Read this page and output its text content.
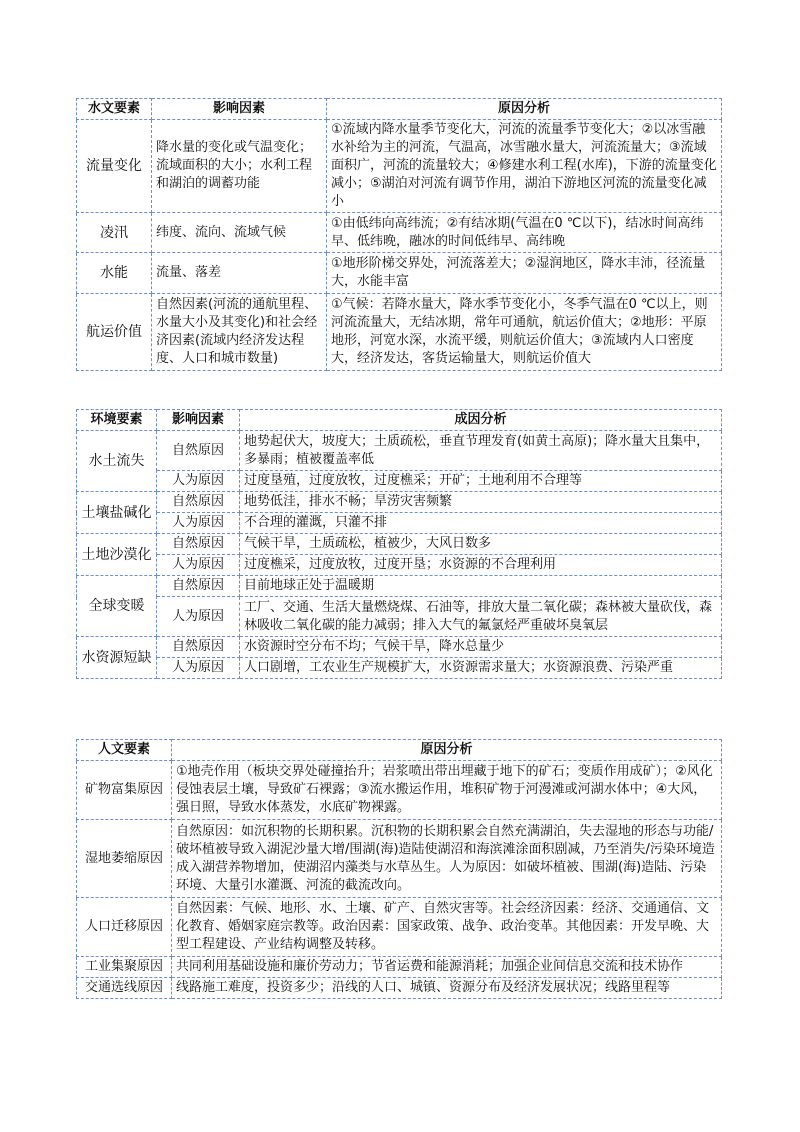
水文要素	影响因素	原因分析
流量变化	降水量的变化或气温变化；流域面积的大小；水利工程和湖泊的调蓄功能	①流域内降水量季节变化大，河流的流量季节变化大；②以冰雪融水补给为主的河流，气温高，冰雪融水量大，河流流量大；③流域面积广，河流的流量较大；④修建水利工程(水库)，下游的流量变化减小；⑤湖泊对河流有调节作用，湖泊下游地区河流的流量变化减小
凌汛	纬度、流向、流域气候	①由低纬向高纬流；②有结冰期(气温在0 ℃以下)，结冰时间高纬早、低纬晚，融冰的时间低纬早、高纬晚
水能	流量、落差	①地形阶梯交界处，河流落差大；②湿润地区，降水丰沛，径流量大，水能丰富
航运价值	自然因素(河流的通航里程、水量大小及其变化)和社会经济因素(流域内经济发达程度、人口和城市数量)	①气候：若降水量大，降水季节变化小，冬季气温在0 ℃以上，则河流流量大，无结冰期，常年可通航，航运价值大；②地形：平原地形，河宽水深，水流平缓，则航运价值大；③流域内人口密度大，经济发达，客货运输量大，则航运价值大
环境要素	影响因素	成因分析
水土流失	自然原因	地势起伏大，坡度大；土质疏松，垂直节理发育(如黄土高原)；降水量大且集中，多暴雨；植被覆盖率低
	人为原因	过度垦殖，过度放牧，过度樵采；开矿；土地利用不合理等
土壤盐碱化	自然原因	地势低洼，排水不畅；旱涝灾害频繁
	人为原因	不合理的灌溉，只灌不排
土地沙漠化	自然原因	气候干旱，土质疏松，植被少，大风日数多
	人为原因	过度樵采，过度放牧，过度开垦；水资源的不合理利用
全球变暖	自然原因	目前地球正处于温暖期
	人为原因	工厂、交通、生活大量燃烧煤、石油等，排放大量二氧化碳；森林被大量砍伐，森林吸收二氧化碳的能力减弱；排入大气的氟氯烃严重破坏臭氧层
水资源短缺	自然原因	水资源时空分布不均；气候干旱，降水总量少
	人为原因	人口剧增，工农业生产规模扩大，水资源需求量大；水资源浪费、污染严重
人文要素	原因分析
矿物富集原因	①地壳作用（板块交界处碰撞抬升；岩浆喷出带出埋藏于地下的矿石；变质作用成矿）；②风化侵蚀表层土壤，导致矿石裸露；③流水搬运作用，堆积矿物于河漫滩或河湖水体中；④大风，强日照，导致水体蒸发，水底矿物裸露。
湿地萎缩原因	自然原因：如沉积物的长期积累。沉积物的长期积累会自然充满湖泊，失去湿地的形态与功能/破坏植被导致入湖泥沙量大增/围湖(海)造陆使湖沼和海滨滩涂面积剧减，乃至消失/污染环境造成入湖营养物增加，使湖沼内藻类与水草丛生。人为原因：如破坏植被、围湖(海)造陆、污染环境、大量引水灌溉、河流的截流改向。
人口迁移原因	自然因素：气候、地形、水、土壤、矿产、自然灾害等。社会经济因素：经济、交通通信、文化教育、婚姻家庭宗教等。政治因素：国家政策、战争、政治变革。其他因素：开发早晚、大型工程建设、产业结构调整及转移。
工业集聚原因	共同利用基础设施和廉价劳动力；节省运费和能源消耗；加强企业间信息交流和技术协作
交通选线原因	线路施工难度，投资多少；沿线的人口、城镇、资源分布及经济发展状况；线路里程等
